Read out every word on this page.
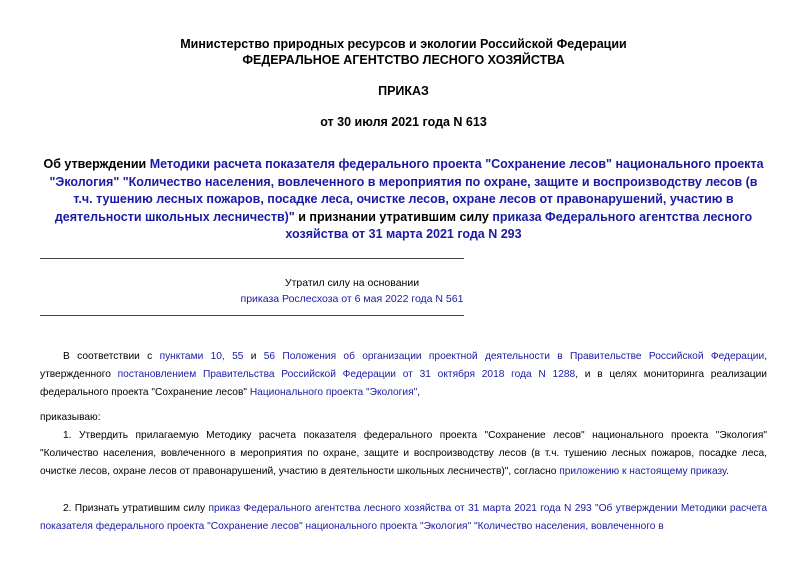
Министерство природных ресурсов и экологии Российской Федерации
ФЕДЕРАЛЬНОЕ АГЕНТСТВО ЛЕСНОГО ХОЗЯЙСТВА
ПРИКАЗ
от 30 июля 2021 года N 613
Об утверждении Методики расчета показателя федерального проекта "Сохранение лесов" национального проекта "Экология" "Количество населения, вовлеченного в мероприятия по охране, защите и воспроизводству лесов (в т.ч. тушению лесных пожаров, посадке леса, очистке лесов, охране лесов от правонарушений, участию в деятельности школьных лесничеств)" и признании утратившим силу приказа Федерального агентства лесного хозяйства от 31 марта 2021 года N 293
Утратил силу на основании
приказа Рослесхоза от 6 мая 2022 года N 561
В соответствии с пунктами 10, 55 и 56 Положения об организации проектной деятельности в Правительстве Российской Федерации, утвержденного постановлением Правительства Российской Федерации от 31 октября 2018 года N 1288, и в целях мониторинга реализации федерального проекта "Сохранение лесов" Национального проекта "Экология",
приказываю:
1. Утвердить прилагаемую Методику расчета показателя федерального проекта "Сохранение лесов" национального проекта "Экология" "Количество населения, вовлеченного в мероприятия по охране, защите и воспроизводству лесов (в т.ч. тушению лесных пожаров, посадке леса, очистке лесов, охране лесов от правонарушений, участию в деятельности школьных лесничеств)", согласно приложению к настоящему приказу.
2. Признать утратившим силу приказ Федерального агентства лесного хозяйства от 31 марта 2021 года N 293 "Об утверждении Методики расчета показателя федерального проекта "Сохранение лесов" национального проекта "Экология" "Количество населения, вовлеченного в
